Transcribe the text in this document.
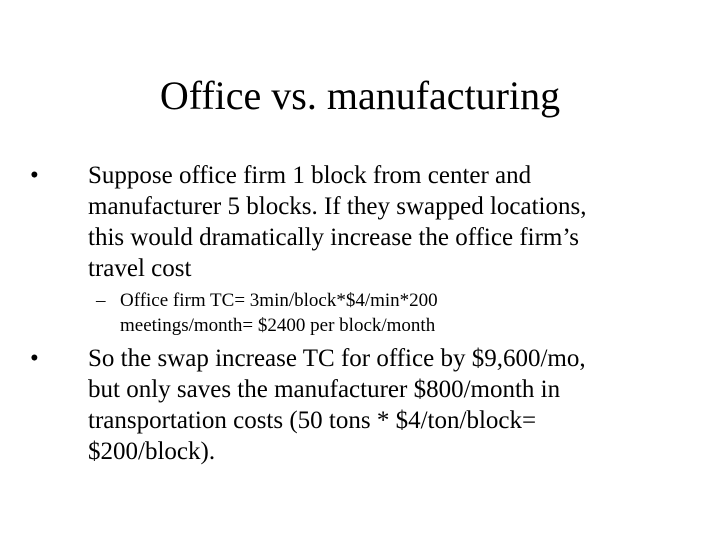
Office vs. manufacturing
• Suppose office firm 1 block from center and
manufacturer 5 blocks. If they swapped locations,
this would dramatically increase the office firm’s
travel cost
– Office firm TC= 3min/block*$4/min*200
meetings/month= $2400 per block/month
• So the swap increase TC for office by $9,600/mo,
but only saves the manufacturer $800/month in
transportation costs (50 tons * $4/ton/block=
$200/block).
